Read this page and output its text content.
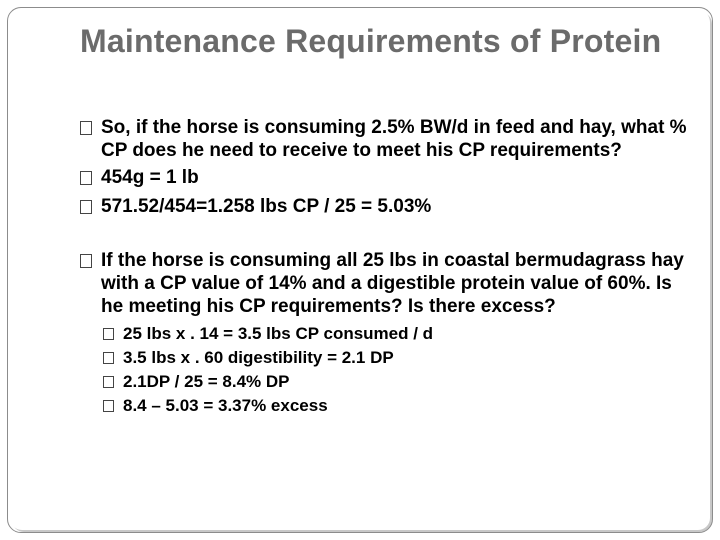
Maintenance Requirements of Protein
So, if the horse is consuming 2.5% BW/d in feed and hay, what % CP does he need to receive to meet his CP requirements?
454g = 1 lb
571.52/454=1.258 lbs CP / 25 = 5.03%
If the horse is consuming all 25 lbs in coastal bermudagrass hay with a CP value of 14% and a digestible protein value of 60%. Is he meeting his CP requirements? Is there excess?
25 lbs x . 14 = 3.5 lbs CP consumed / d
3.5 lbs x . 60 digestibility = 2.1 DP
2.1DP / 25 = 8.4% DP
8.4 – 5.03 = 3.37% excess
